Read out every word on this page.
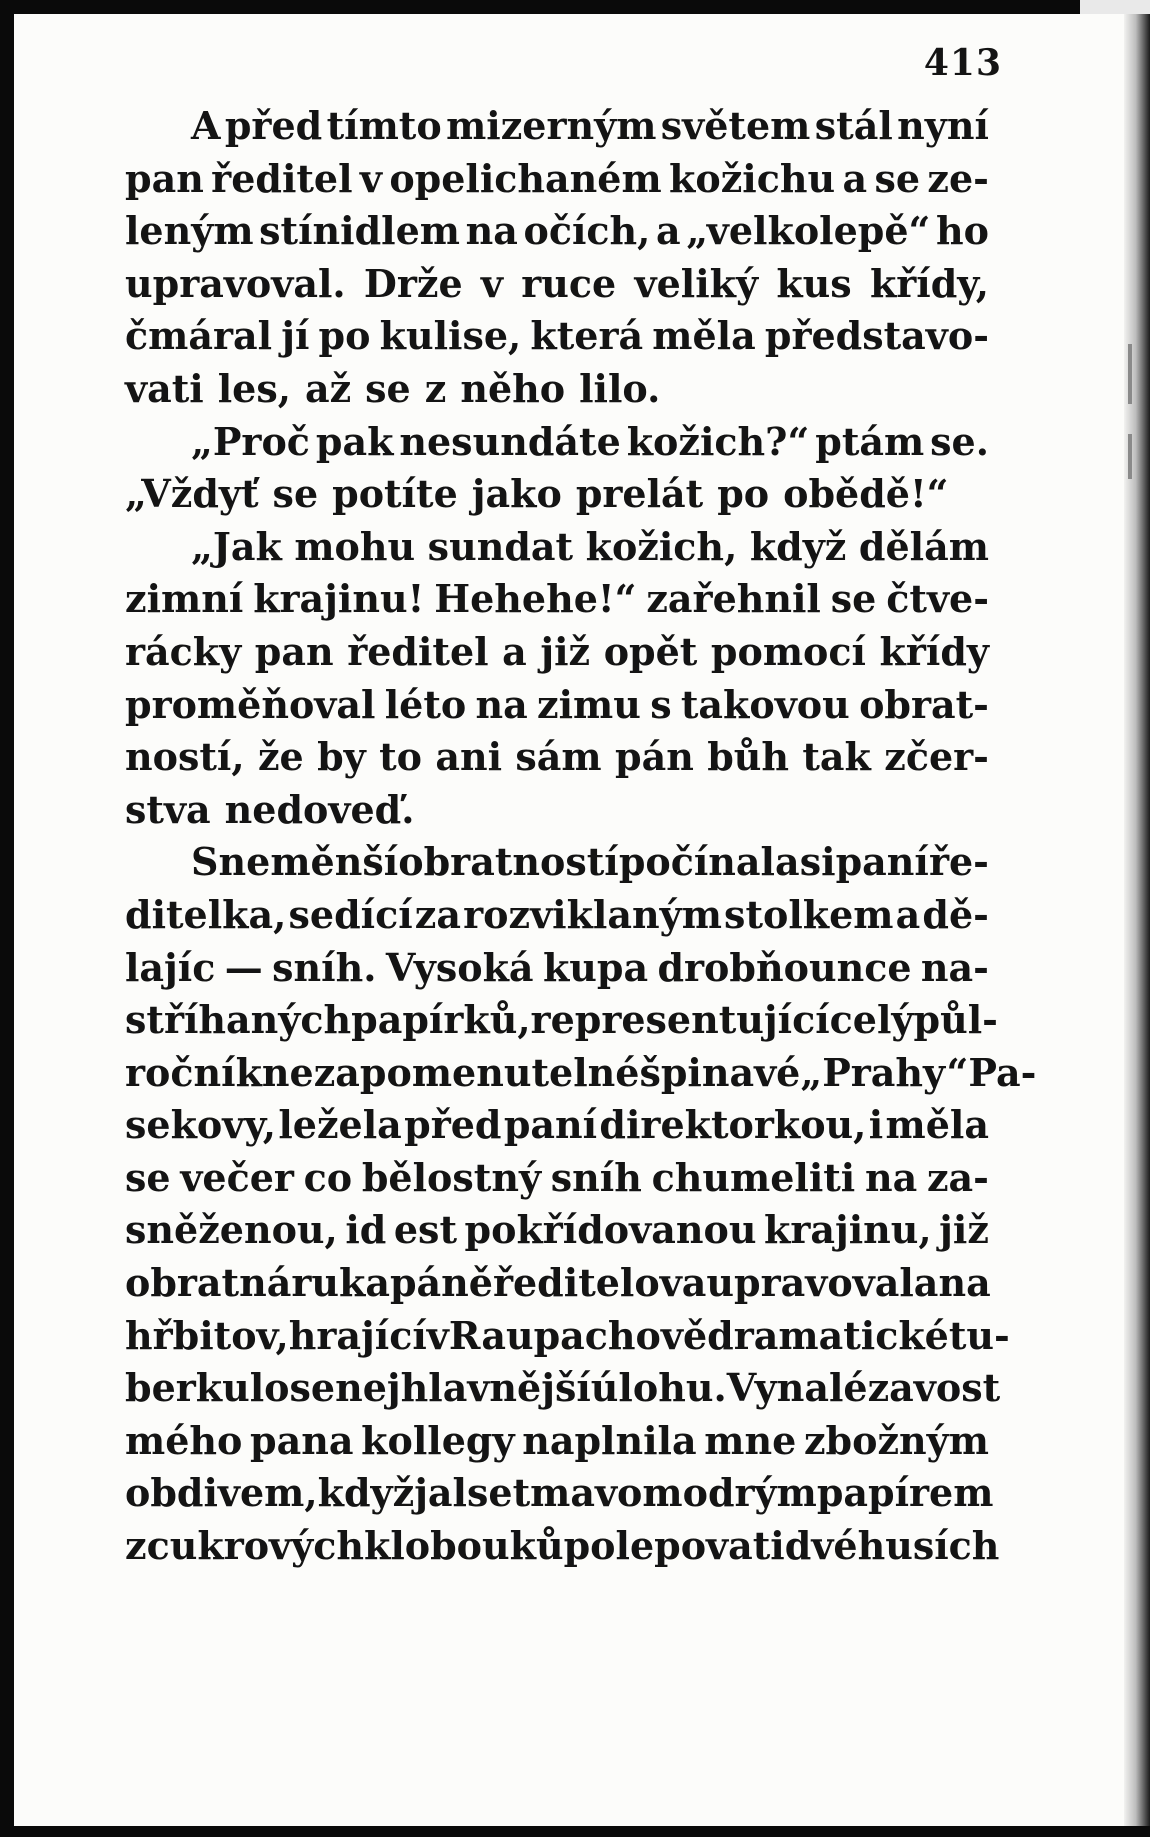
413
A před tímto mizerným světem stál nyní
pan ředitel v opelichaném kožichu a se ze-
leným stínidlem na očích, a „velkolepě“ ho
upravoval. Drže v ruce veliký kus křídy,
čmáral jí po kulise, která měla představo-
vati les, až se z něho lilo.
„Proč pak nesundáte kožich?“ ptám se.
„Vždyť se potíte jako prelát po obědě!“
„Jak mohu sundat kožich, když dělám
zimní krajinu! Hehehe!“ zařehnil se čtve-
rácky pan ředitel a již opět pomocí křídy
proměňoval léto na zimu s takovou obrat-
ností, že by to ani sám pán bůh tak zčer-
stva nedoveď.
S neměnší obratností počínala si paní ře-
ditelka, sedící za rozviklaným stolkem a dě-
lajíc — sníh. Vysoká kupa drobňounce na-
stříhaných papírků, representující celý půl-
ročník nezapomenutelné špinavé „Prahy“ Pa-
sekovy, ležela před paní direktorkou, i měla
se večer co bělostný sníh chumeliti na za-
sněženou, id est pokřídovanou krajinu, již
obratná ruka páně ředitelova upravovala na
hřbitov, hrající v Raupachově dramatické tu-
berkulose nejhlavnější úlohu. Vynalézavost
mého pana kollegy naplnila mne zbožným
obdivem, když jal se tmavomodrým papírem
z cukrových klobouků polepovati dvé husích
